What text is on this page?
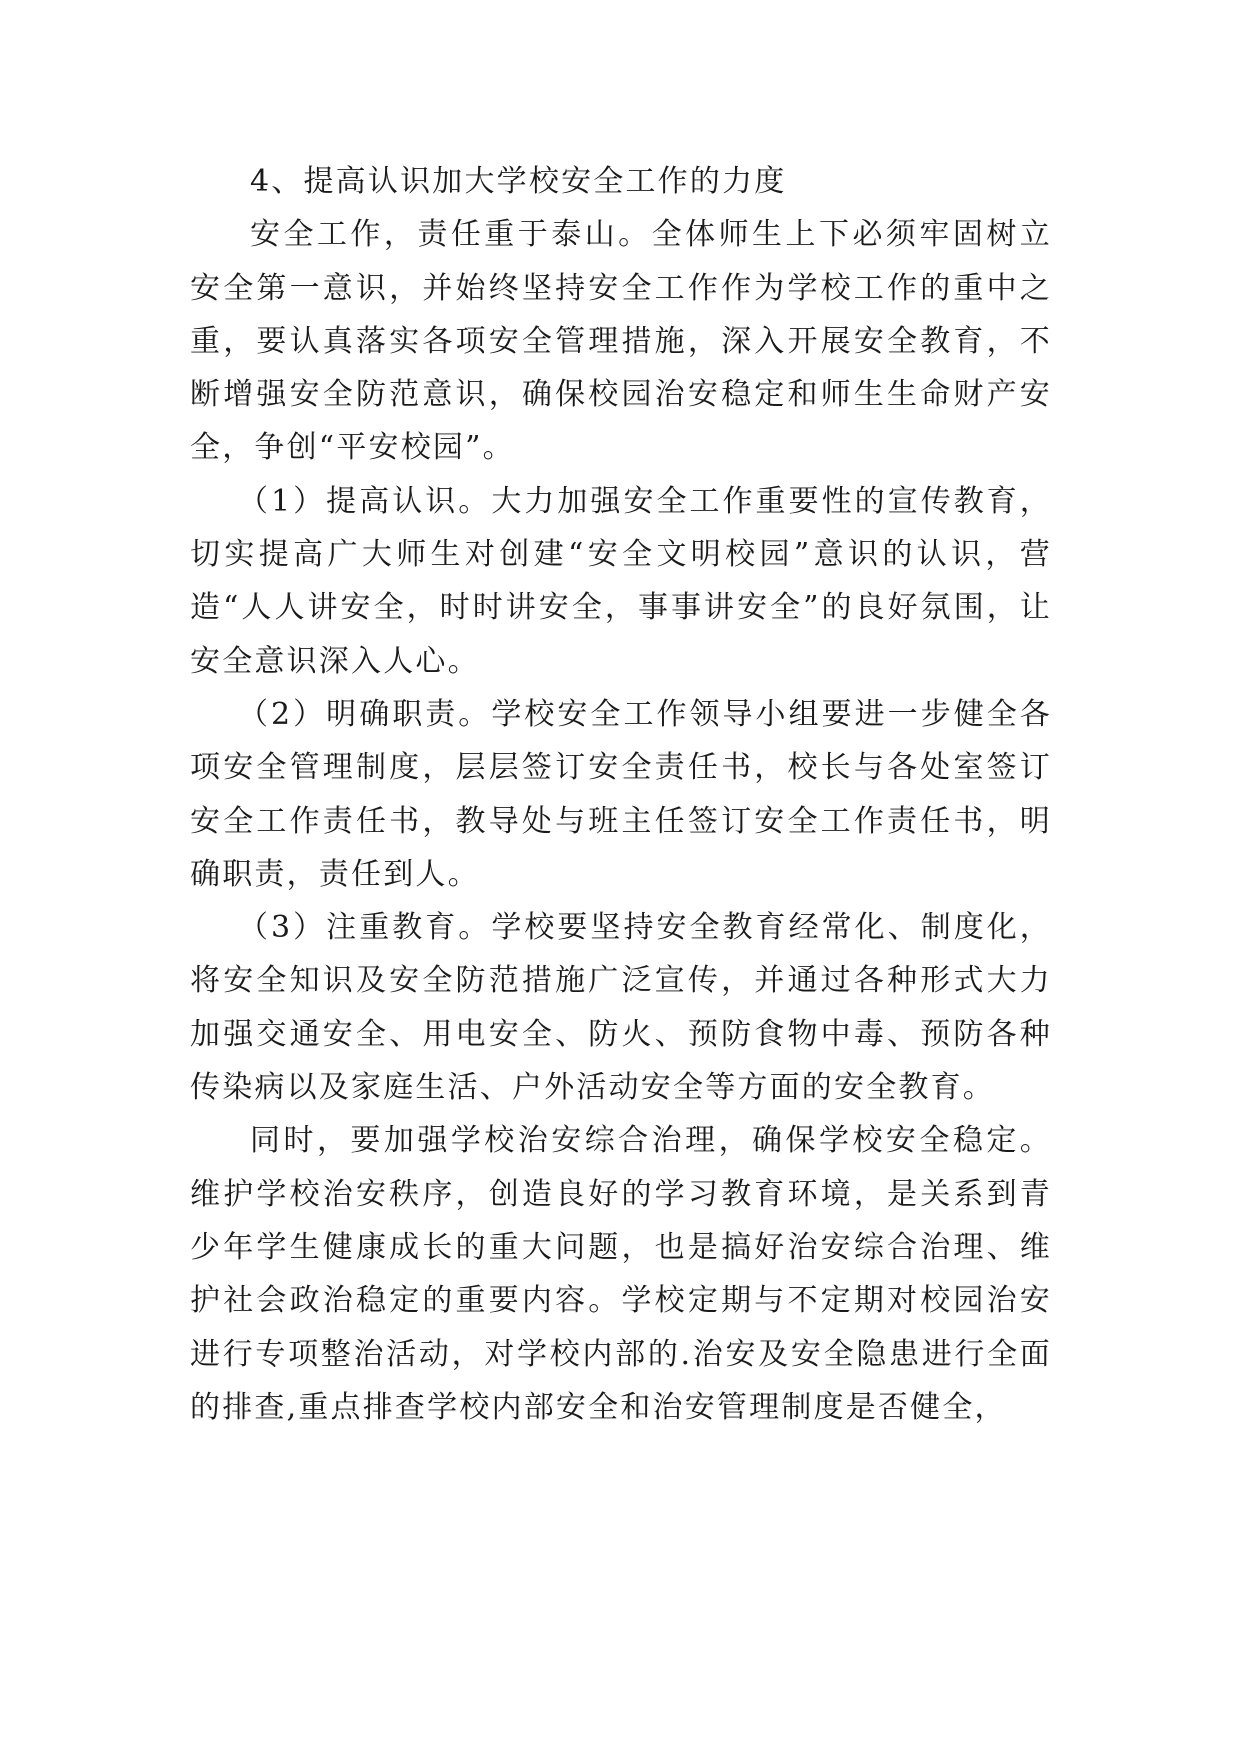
4、提高认识加大学校安全工作的力度

安全工作，责任重于泰山。全体师生上下必须牢固树立安全第一意识，并始终坚持安全工作作为学校工作的重中之重，要认真落实各项安全管理措施，深入开展安全教育，不断增强安全防范意识，确保校园治安稳定和师生生命财产安全，争创“平安校园”。

（1）提高认识。大力加强安全工作重要性的宣传教育，切实提高广大师生对创建“安全文明校园”意识的认识，营造“人人讲安全，时时讲安全，事事讲安全”的良好氛围，让安全意识深入人心。

（2）明确职责。学校安全工作领导小组要进一步健全各项安全管理制度，层层签订安全责任书，校长与各处室签订安全工作责任书，教导处与班主任签订安全工作责任书，明确职责，责任到人。

（3）注重教育。学校要坚持安全教育经常化、制度化，将安全知识及安全防范措施广泛宣传，并通过各种形式大力加强交通安全、用电安全、防火、预防食物中毒、预防各种传染病以及家庭生活、户外活动安全等方面的安全教育。

同时，要加强学校治安综合治理，确保学校安全稳定。维护学校治安秩序，创造良好的学习教育环境，是关系到青少年学生健康成长的重大问题，也是搞好治安综合治理、维护社会政治稳定的重要内容。学校定期与不定期对校园治安进行专项整治活动，对学校内部的.治安及安全隐患进行全面的排查,重点排查学校内部安全和治安管理制度是否健全，
